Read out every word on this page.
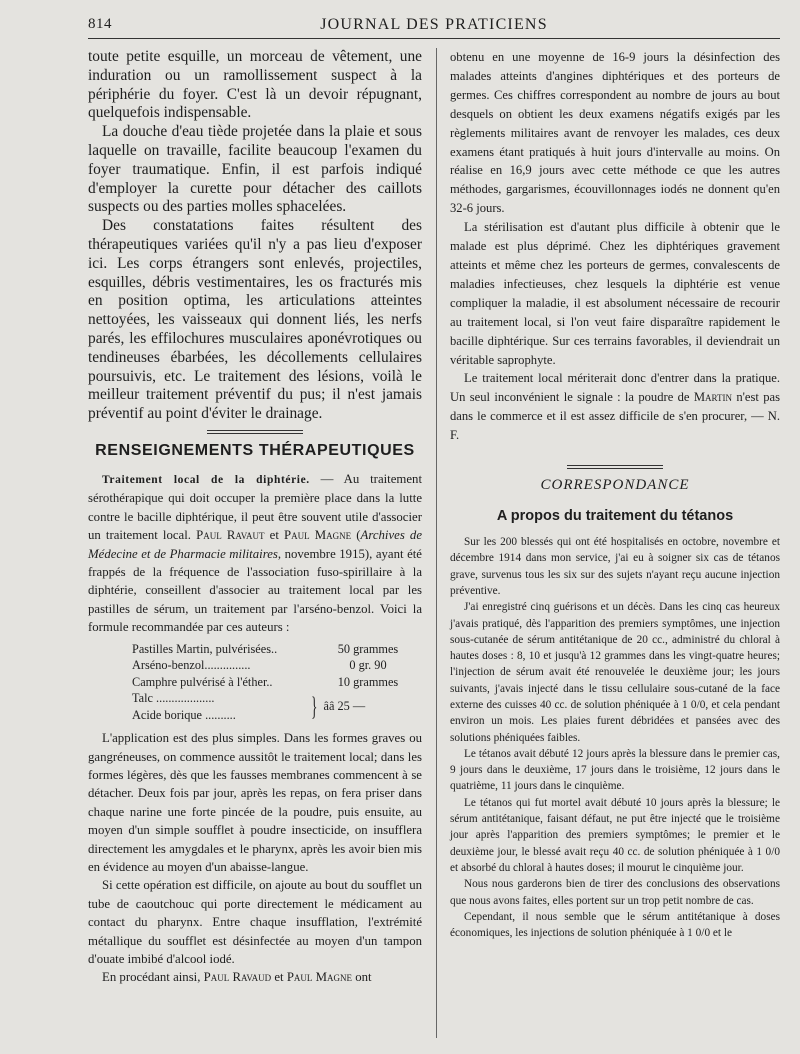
814	JOURNAL DES PRATICIENS

toute petite esquille, un morceau de vêtement, une induration ou un ramollissement suspect à la périphérie du foyer. C'est là un devoir répugnant, quelquefois indispensable.

La douche d'eau tiède projetée dans la plaie et sous laquelle on travaille, facilite beaucoup l'examen du foyer traumatique. Enfin, il est parfois indiqué d'employer la curette pour détacher des caillots suspects ou des parties molles sphacelées.

Des constatations faites résultent des thérapeutiques variées qu'il n'y a pas lieu d'exposer ici. Les corps étrangers sont enlevés, projectiles, esquilles, débris vestimentaires, les os fracturés mis en position optima, les articulations atteintes nettoyées, les vaisseaux qui donnent liés, les nerfs parés, les effilochures musculaires aponévrotiques ou tendineuses ébarbées, les décollements cellulaires poursuivis, etc. Le traitement des lésions, voilà le meilleur traitement préventif du pus; il n'est jamais préventif au point d'éviter le drainage.

RENSEIGNEMENTS THÉRAPEUTIQUES

Traitement local de la diphtérie. — Au traitement sérothérapique qui doit occuper la première place dans la lutte contre le bacille diphtérique, il peut être souvent utile d'associer un traitement local. Paul Ravaut et Paul Magne (Archives de Médecine et de Pharmacie militaires, novembre 1915), ayant été frappés de la fréquence de l'association fuso-spirillaire à la diphtérie, conseillent d'associer au traitement local par les pastilles de sérum, un traitement par l'arséno-benzol. Voici la formule recommandée par ces auteurs :

Pastilles Martin, pulvérisées..	50 grammes
Arséno-benzol...............	0 gr. 90
Camphre pulvérisé à l'éther..	10 grammes
Talc ...................
Acide borique ..........	} ââ 25 —

L'application est des plus simples. Dans les formes graves ou gangréneuses, on commence aussitôt le traitement local; dans les formes légères, dès que les fausses membranes commencent à se détacher. Deux fois par jour, après les repas, on fera priser dans chaque narine une forte pincée de la poudre, puis ensuite, au moyen d'un simple soufflet à poudre insecticide, on insufflera directement les amygdales et le pharynx, après les avoir bien mis en évidence au moyen d'un abaisse-langue.

Si cette opération est difficile, on ajoute au bout du soufflet un tube de caoutchouc qui porte directement le médicament au contact du pharynx. Entre chaque insufflation, l'extrémité métallique du soufflet est désinfectée au moyen d'un tampon d'ouate imbibé d'alcool iodé.

En procédant ainsi, Paul Ravaud et Paul Magne ont

obtenu en une moyenne de 16-9 jours la désinfection des malades atteints d'angines diphtériques et des porteurs de germes. Ces chiffres correspondent au nombre de jours au bout desquels on obtient les deux examens négatifs exigés par les règlements militaires avant de renvoyer les malades, ces deux examens étant pratiqués à huit jours d'intervalle au moins. On réalise en 16,9 jours avec cette méthode ce que les autres méthodes, gargarismes, écouvillonnages iodés ne donnent qu'en 32-6 jours.

La stérilisation est d'autant plus difficile à obtenir que le malade est plus déprimé. Chez les diphtériques gravement atteints et même chez les porteurs de germes, convalescents de maladies infectieuses, chez lesquels la diphtérie est venue compliquer la maladie, il est absolument nécessaire de recourir au traitement local, si l'on veut faire disparaître rapidement le bacille diphtérique. Sur ces terrains favorables, il deviendrait un véritable saprophyte.

Le traitement local mériterait donc d'entrer dans la pratique. Un seul inconvénient le signale : la poudre de Martin n'est pas dans le commerce et il est assez difficile de s'en procurer, — N. F.

CORRESPONDANCE
A propos du traitement du tétanos

Sur les 200 blessés qui ont été hospitalisés en octobre, novembre et décembre 1914 dans mon service, j'ai eu à soigner six cas de tétanos grave, survenus tous les six sur des sujets n'ayant reçu aucune injection préventive.

J'ai enregistré cinq guérisons et un décès. Dans les cinq cas heureux j'avais pratiqué, dès l'apparition des premiers symptômes, une injection sous-cutanée de sérum antitétanique de 20 cc., administré du chloral à hautes doses : 8, 10 et jusqu'à 12 grammes dans les vingt-quatre heures; l'injection de sérum avait été renouvelée le deuxième jour; les jours suivants, j'avais injecté dans le tissu cellulaire sous-cutané de la face externe des cuisses 40 cc. de solution phéniquée à 1 0/0, et cela pendant environ un mois. Les plaies furent débridées et pansées avec des solutions phéniquées faibles.

Le tétanos avait débuté 12 jours après la blessure dans le premier cas, 9 jours dans le deuxième, 17 jours dans le troisième, 12 jours dans le quatrième, 11 jours dans le cinquième.

Le tétanos qui fut mortel avait débuté 10 jours après la blessure; le sérum antitétanique, faisant défaut, ne put être injecté que le troisième jour après l'apparition des premiers symptômes; le premier et le deuxième jour, le blessé avait reçu 40 cc. de solution phéniquée à 1 0/0 et absorbé du chloral à hautes doses; il mourut le cinquième jour.

Nous nous garderons bien de tirer des conclusions des observations que nous avons faites, elles portent sur un trop petit nombre de cas.

Cependant, il nous semble que le sérum antitétanique à doses économiques, les injections de solution phéniquée à 1 0/0 et le
